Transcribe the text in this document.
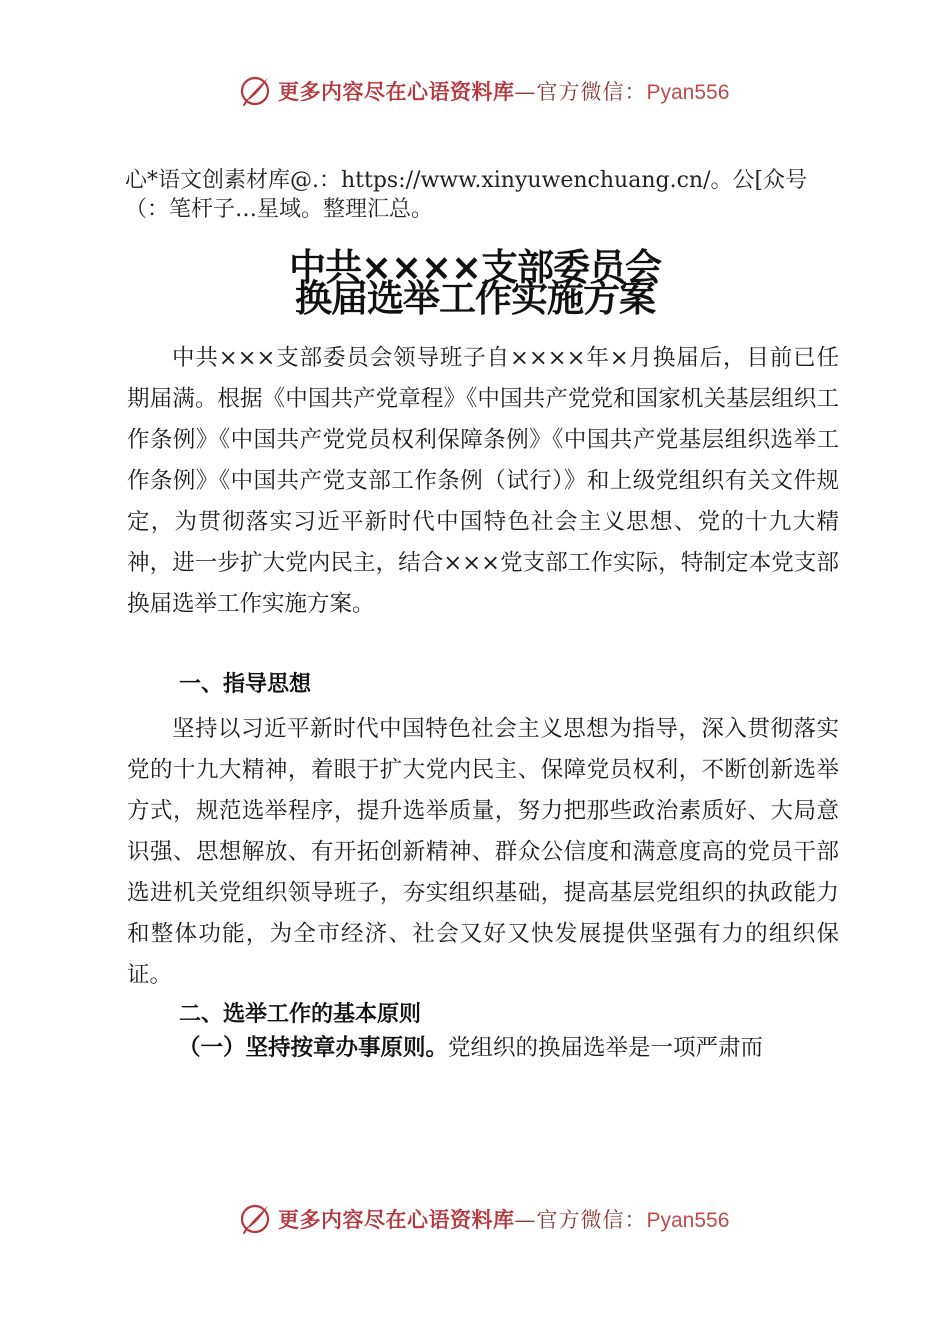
更多内容尽在心语资料库—官方微信：Pyan556
心*语文创素材库@.：https://www.xinyuwenchuang.cn/。公[众号（：笔杆子…星域。整理汇总。
中共××××支部委员会
换届选举工作实施方案

中共×××支部委员会领导班子自××××年×月换届后，目前已任期届满。根据《中国共产党章程》《中国共产党党和国家机关基层组织工作条例》《中国共产党党员权利保障条例》《中国共产党基层组织选举工作条例》《中国共产党支部工作条例（试行）》和上级党组织有关文件规定，为贯彻落实习近平新时代中国特色社会主义思想、党的十九大精神，进一步扩大党内民主，结合×××党支部工作实际，特制定本党支部换届选举工作实施方案。

一、指导思想

坚持以习近平新时代中国特色社会主义思想为指导，深入贯彻落实党的十九大精神，着眼于扩大党内民主、保障党员权利，不断创新选举方式，规范选举程序，提升选举质量，努力把那些政治素质好、大局意识强、思想解放、有开拓创新精神、群众公信度和满意度高的党员干部选进机关党组织领导班子，夯实组织基础，提高基层党组织的执政能力和整体功能，为全市经济、社会又好又快发展提供坚强有力的组织保证。

二、选举工作的基本原则

（一）坚持按章办事原则。党组织的换届选举是一项严肃而

更多内容尽在心语资料库—官方微信：Pyan556
